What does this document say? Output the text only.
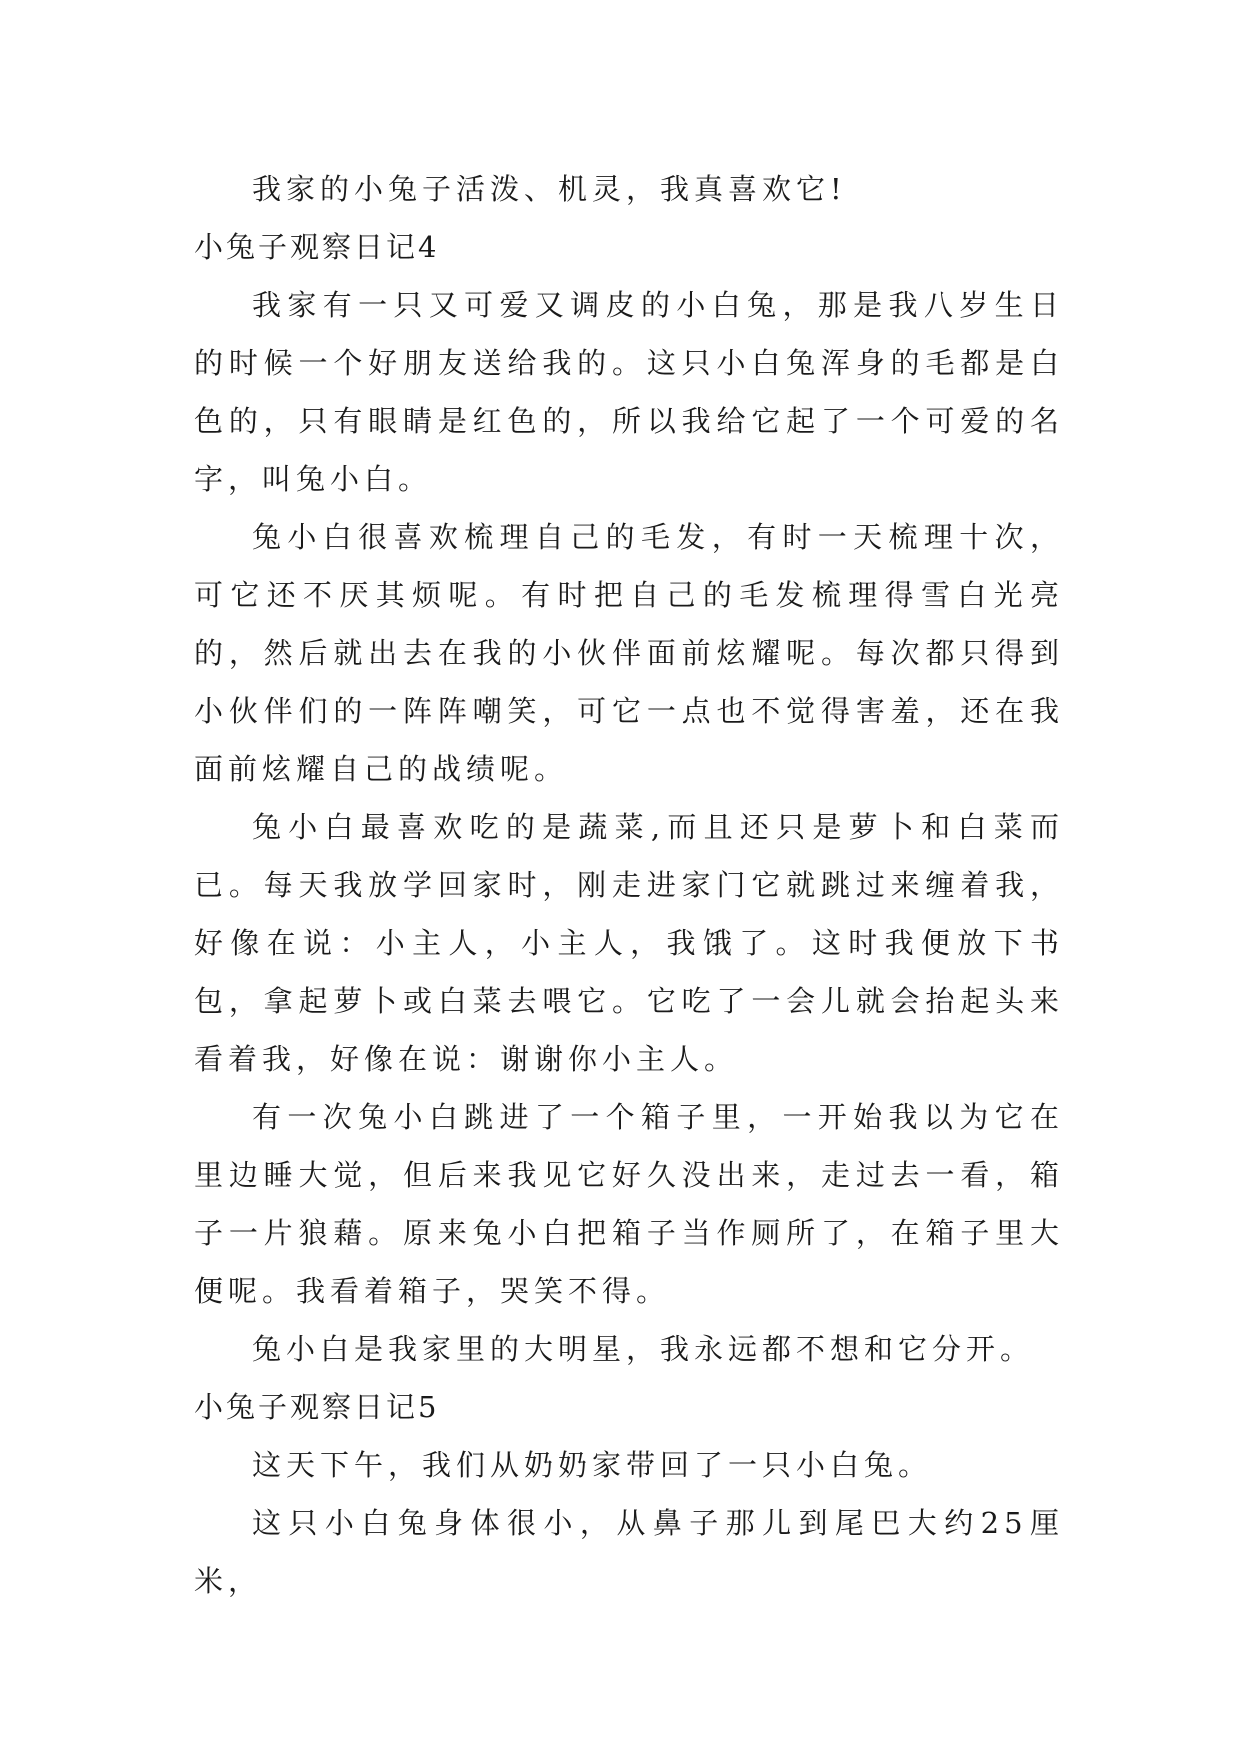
我家的小兔子活泼、机灵，我真喜欢它!

小兔子观察日记4

我家有一只又可爱又调皮的小白兔，那是我八岁生日的时候一个好朋友送给我的。这只小白兔浑身的毛都是白色的，只有眼睛是红色的，所以我给它起了一个可爱的名字，叫兔小白。

兔小白很喜欢梳理自己的毛发，有时一天梳理十次，可它还不厌其烦呢。有时把自己的毛发梳理得雪白光亮的，然后就出去在我的小伙伴面前炫耀呢。每次都只得到小伙伴们的一阵阵嘲笑，可它一点也不觉得害羞，还在我面前炫耀自己的战绩呢。

兔小白最喜欢吃的是蔬菜,而且还只是萝卜和白菜而已。每天我放学回家时，刚走进家门它就跳过来缠着我，好像在说：小主人，小主人，我饿了。这时我便放下书包，拿起萝卜或白菜去喂它。它吃了一会儿就会抬起头来看着我，好像在说：谢谢你小主人。

有一次兔小白跳进了一个箱子里，一开始我以为它在里边睡大觉，但后来我见它好久没出来，走过去一看，箱子一片狼藉。原来兔小白把箱子当作厕所了，在箱子里大便呢。我看着箱子，哭笑不得。

兔小白是我家里的大明星，我永远都不想和它分开。

小兔子观察日记5

这天下午，我们从奶奶家带回了一只小白兔。

这只小白兔身体很小，从鼻子那儿到尾巴大约25厘米，
